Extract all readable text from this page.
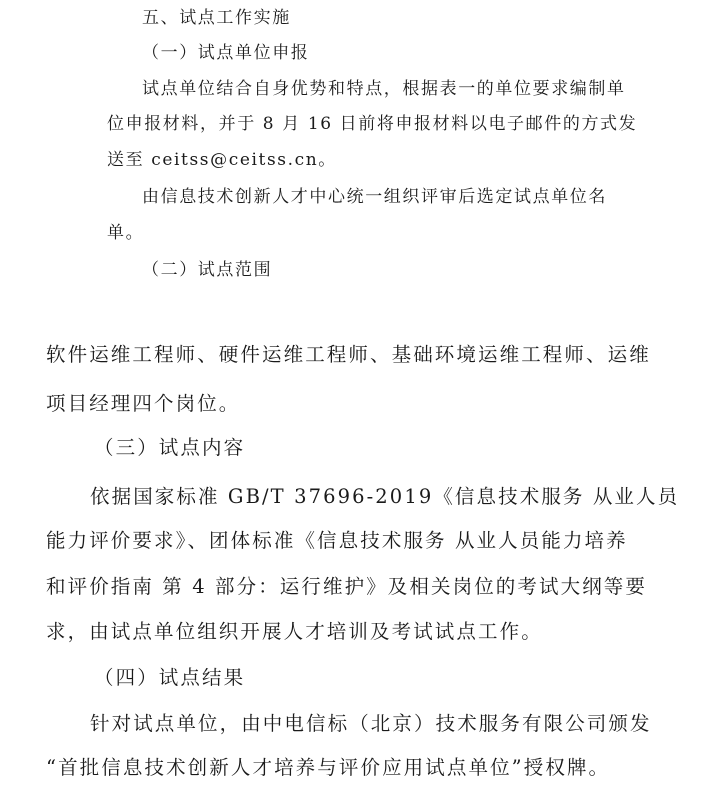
五、试点工作实施

（一）试点单位申报

试点单位结合自身优势和特点，根据表一的单位要求编制单

位申报材料，并于 8 月 16 日前将申报材料以电子邮件的方式发

送至 ceitss@ceitss.cn。

由信息技术创新人才中心统一组织评审后选定试点单位名

单。

（二）试点范围

软件运维工程师、硬件运维工程师、基础环境运维工程师、运维

项目经理四个岗位。

（三）试点内容

依据国家标准 GB/T 37696-2019《信息技术服务 从业人员

能力评价要求》、团体标准《信息技术服务 从业人员能力培养

和评价指南 第 4 部分：运行维护》及相关岗位的考试大纲等要

求，由试点单位组织开展人才培训及考试试点工作。

（四）试点结果

针对试点单位，由中电信标（北京）技术服务有限公司颁发

“首批信息技术创新人才培养与评价应用试点单位”授权牌。
